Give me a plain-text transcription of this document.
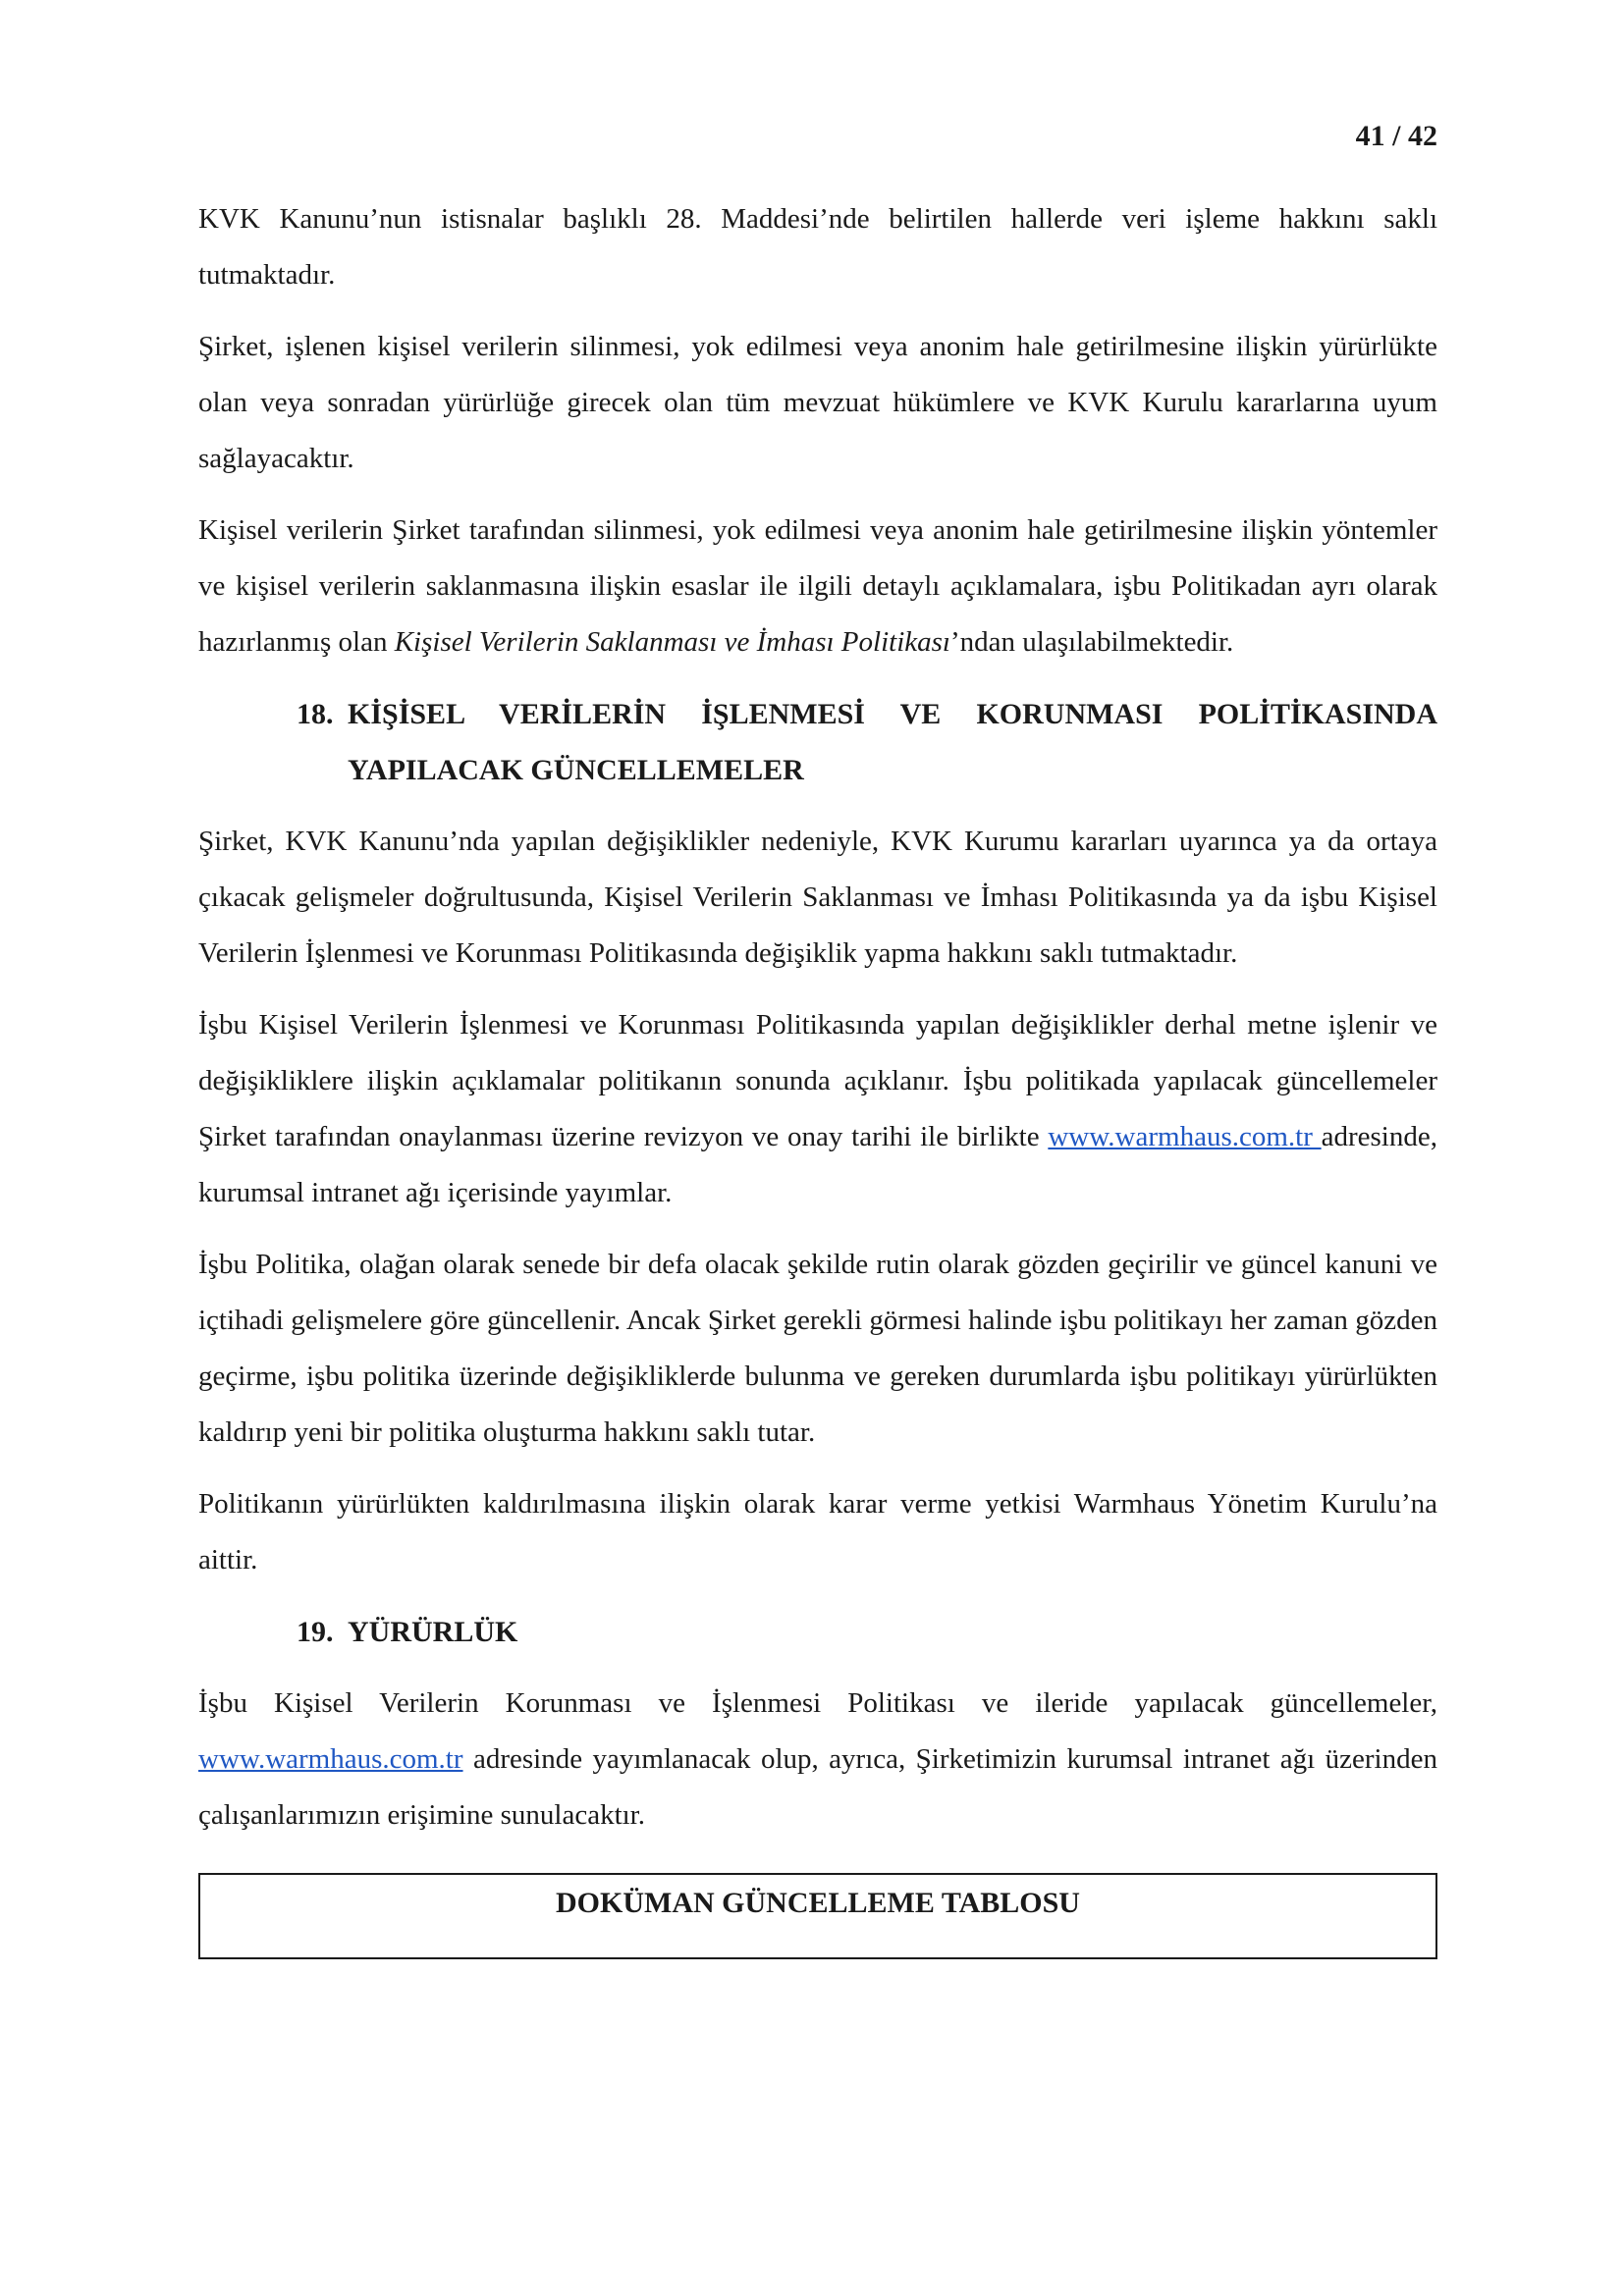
41 / 42

KVK Kanunu’nun istisnalar başlıklı 28. Maddesi’nde belirtilen hallerde veri işleme hakkını saklı tutmaktadır.

Şirket, işlenen kişisel verilerin silinmesi, yok edilmesi veya anonim hale getirilmesine ilişkin yürürlükte olan veya sonradan yürürlüğe girecek olan tüm mevzuat hükümlere ve KVK Kurulu kararlarına uyum sağlayacaktır.

Kişisel verilerin Şirket tarafından silinmesi, yok edilmesi veya anonim hale getirilmesine ilişkin yöntemler ve kişisel verilerin saklanmasına ilişkin esaslar ile ilgili detaylı açıklamalara, işbu Politikadan ayrı olarak hazırlanmış olan Kişisel Verilerin Saklanması ve İmhası Politikası’ndan ulaşılabilmektedir.

18. KİŞİSEL VERİLERİN İŞLENMESİ VE KORUNMASI POLİTİKASINDA YAPILACAK GÜNCELLEMELER

Şirket, KVK Kanunu’nda yapılan değişiklikler nedeniyle, KVK Kurumu kararları uyarınca ya da ortaya çıkacak gelişmeler doğrultusunda, Kişisel Verilerin Saklanması ve İmhası Politikasında ya da işbu Kişisel Verilerin İşlenmesi ve Korunması Politikasında değişiklik yapma hakkını saklı tutmaktadır.

İşbu Kişisel Verilerin İşlenmesi ve Korunması Politikasında yapılan değişiklikler derhal metne işlenir ve değişikliklere ilişkin açıklamalar politikanın sonunda açıklanır. İşbu politikada yapılacak güncellemeler Şirket tarafından onaylanması üzerine revizyon ve onay tarihi ile birlikte www.warmhaus.com.tr adresinde, kurumsal intranet ağı içerisinde yayımlar.

İşbu Politika, olağan olarak senede bir defa olacak şekilde rutin olarak gözden geçirilir ve güncel kanuni ve içtihadi gelişmelere göre güncellenir. Ancak Şirket gerekli görmesi halinde işbu politikayı her zaman gözden geçirme, işbu politika üzerinde değişikliklerde bulunma ve gereken durumlarda işbu politikayı yürürlükten kaldırıp yeni bir politika oluşturma hakkını saklı tutar.

Politikanın yürürlükten kaldırılmasına ilişkin olarak karar verme yetkisi Warmhaus Yönetim Kurulu’na aittir.

19. YÜRÜRLÜK

İşbu Kişisel Verilerin Korunması ve İşlenmesi Politikası ve ileride yapılacak güncellemeler, www.warmhaus.com.tr adresinde yayımlanacak olup, ayrıca, Şirketimizin kurumsal intranet ağı üzerinden çalışanlarımızın erişimine sunulacaktır.

DOKÜMAN GÜNCELLEME TABLOSU
